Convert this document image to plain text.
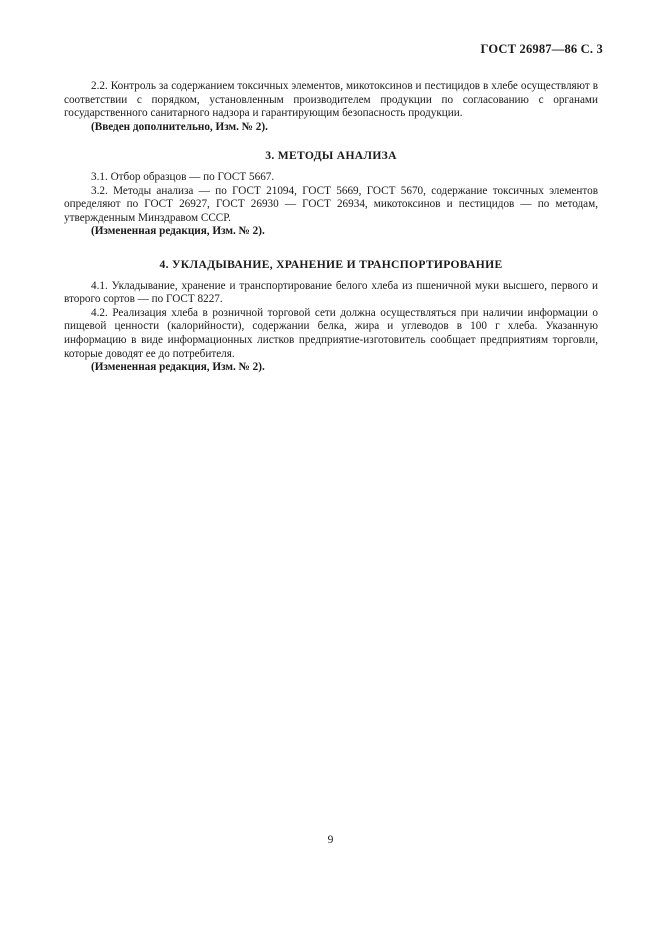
ГОСТ 26987—86 С. 3

2.2. Контроль за содержанием токсичных элементов, микотоксинов и пестицидов в хлебе осуществляют в соответствии с порядком, установленным производителем продукции по согласованию с органами государственного санитарного надзора и гарантирующим безопасность продукции.

(Введен дополнительно, Изм. № 2).

3. МЕТОДЫ АНАЛИЗА

3.1. Отбор образцов — по ГОСТ 5667.

3.2. Методы анализа — по ГОСТ 21094, ГОСТ 5669, ГОСТ 5670, содержание токсичных элементов определяют по ГОСТ 26927, ГОСТ 26930 — ГОСТ 26934, микотоксинов и пестицидов — по методам, утвержденным Минздравом СССР.

(Измененная редакция, Изм. № 2).

4. УКЛАДЫВАНИЕ, ХРАНЕНИЕ И ТРАНСПОРТИРОВАНИЕ

4.1. Укладывание, хранение и транспортирование белого хлеба из пшеничной муки высшего, первого и второго сортов — по ГОСТ 8227.

4.2. Реализация хлеба в розничной торговой сети должна осуществляться при наличии информации о пищевой ценности (калорийности), содержании белка, жира и углеводов в 100 г хлеба. Указанную информацию в виде информационных листков предприятие-изготовитель сообщает предприятиям торговли, которые доводят ее до потребителя.

(Измененная редакция, Изм. № 2).

9
